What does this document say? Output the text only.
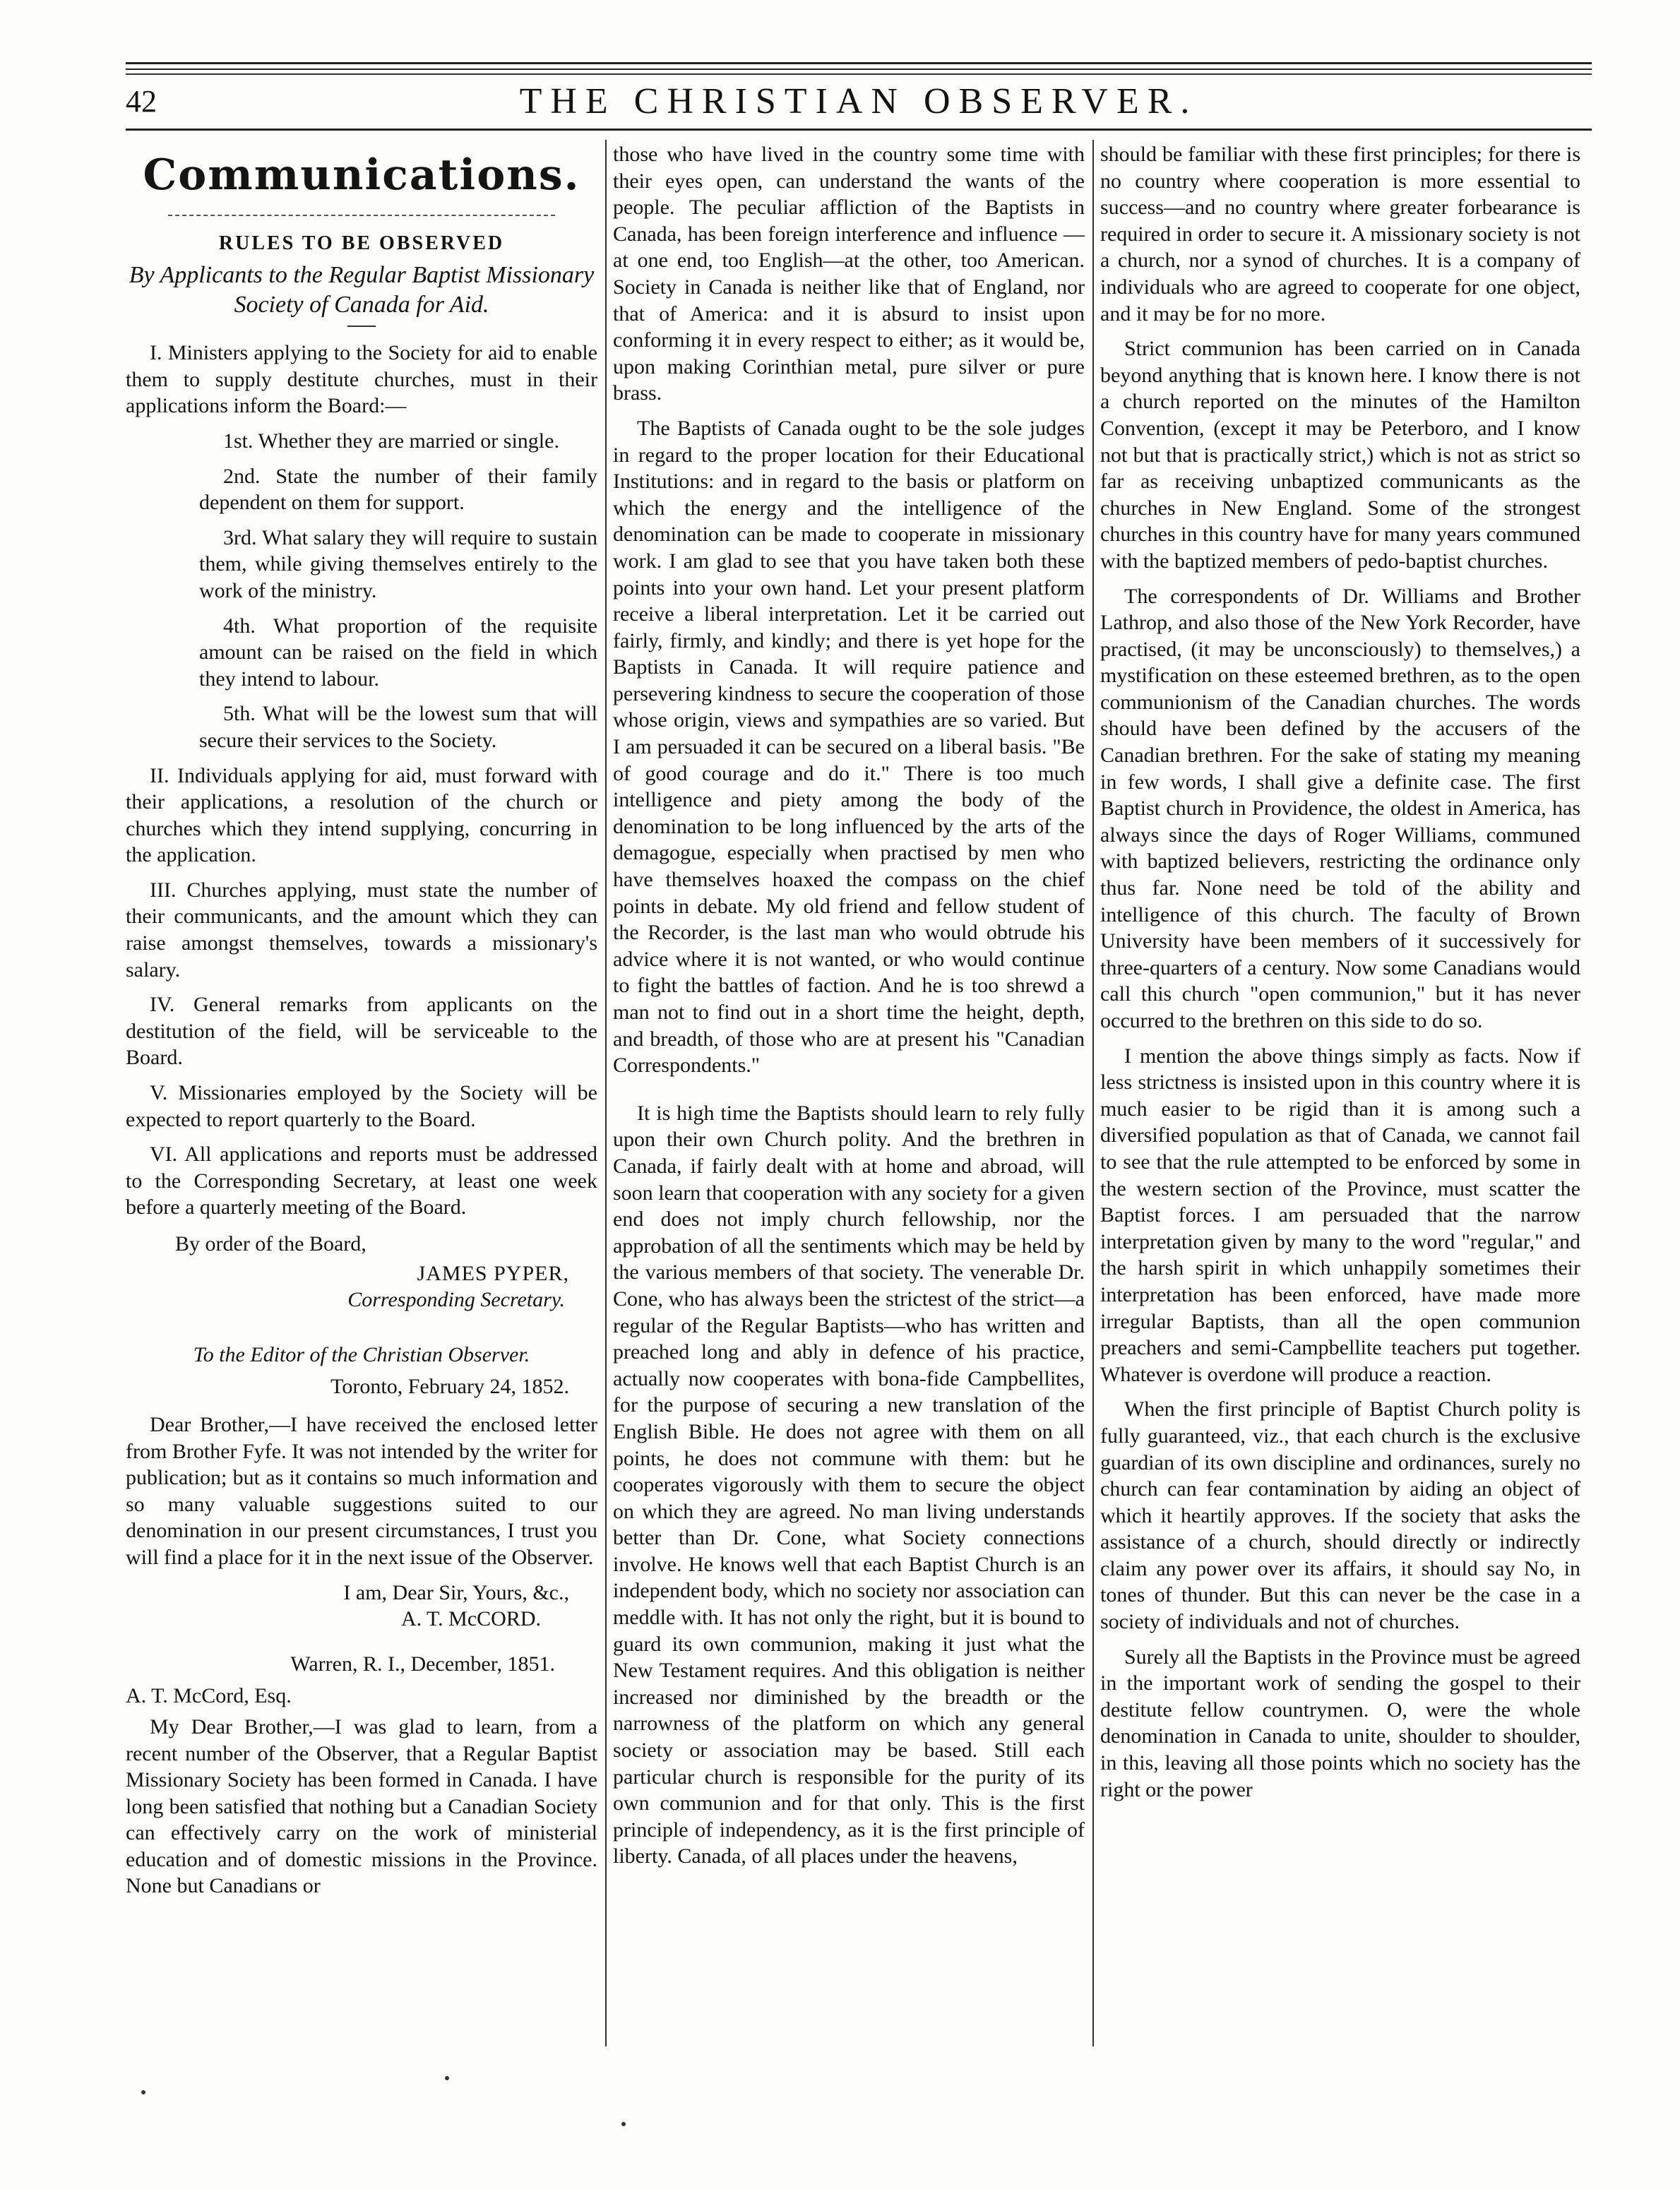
42	THE CHRISTIAN OBSERVER.
Communications.
RULES TO BE OBSERVED
By Applicants to the Regular Baptist Missionary Society of Canada for Aid.

I. Ministers applying to the Society for aid to enable them to supply destitute churches, must in their applications inform the Board:—

1st. Whether they are married or single.

2nd. State the number of their family dependent on them for support.

3rd. What salary they will require to sustain them, while giving themselves entirely to the work of the ministry.

4th. What proportion of the requisite amount can be raised on the field in which they intend to labour.

5th. What will be the lowest sum that will secure their services to the Society.

II. Individuals applying for aid, must forward with their applications, a resolution of the church or churches which they intend supplying, concurring in the application.

III. Churches applying, must state the number of their communicants, and the amount which they can raise amongst themselves, towards a missionary's salary.

IV. General remarks from applicants on the destitution of the field, will be serviceable to the Board.

V. Missionaries employed by the Society will be expected to report quarterly to the Board.

VI. All applications and reports must be addressed to the Corresponding Secretary, at least one week before a quarterly meeting of the Board.

By order of the Board,
JAMES PYPER,
Corresponding Secretary.
To the Editor of the Christian Observer.
Toronto, February 24, 1852.

Dear Brother,—I have received the enclosed letter from Brother Fyfe. It was not intended by the writer for publication; but as it contains so much information and so many valuable suggestions suited to our denomination in our present circumstances, I trust you will find a place for it in the next issue of the Observer.

I am, Dear Sir, Yours, &c.,
A. T. McCORD.
Warren, R. I., December, 1851.
A. T. McCord, Esq.

My Dear Brother,—I was glad to learn, from a recent number of the Observer, that a Regular Baptist Missionary Society has been formed in Canada. I have long been satisfied that nothing but a Canadian Society can effectively carry on the work of ministerial education and of domestic missions in the Province. None but Canadians or

those who have lived in the country some time with their eyes open, can understand the wants of the people. The peculiar affliction of the Baptists in Canada, has been foreign interference and influence —at one end, too English—at the other, too American. Society in Canada is neither like that of England, nor that of America: and it is absurd to insist upon conforming it in every respect to either; as it would be, upon making Corinthian metal, pure silver or pure brass.

The Baptists of Canada ought to be the sole judges in regard to the proper location for their Educational Institutions: and in regard to the basis or platform on which the energy and the intelligence of the denomination can be made to cooperate in missionary work. I am glad to see that you have taken both these points into your own hand. Let your present platform receive a liberal interpretation. Let it be carried out fairly, firmly, and kindly; and there is yet hope for the Baptists in Canada. It will require patience and persevering kindness to secure the cooperation of those whose origin, views and sympathies are so varied. But I am persuaded it can be secured on a liberal basis. "Be of good courage and do it." There is too much intelligence and piety among the body of the denomination to be long influenced by the arts of the demagogue, especially when practised by men who have themselves hoaxed the compass on the chief points in debate. My old friend and fellow student of the Recorder, is the last man who would obtrude his advice where it is not wanted, or who would continue to fight the battles of faction. And he is too shrewd a man not to find out in a short time the height, depth, and breadth, of those who are at present his "Canadian Correspondents."

It is high time the Baptists should learn to rely fully upon their own Church polity. And the brethren in Canada, if fairly dealt with at home and abroad, will soon learn that cooperation with any society for a given end does not imply church fellowship, nor the approbation of all the sentiments which may be held by the various members of that society. The venerable Dr. Cone, who has always been the strictest of the strict—a regular of the Regular Baptists—who has written and preached long and ably in defence of his practice, actually now cooperates with bona-fide Campbellites, for the purpose of securing a new translation of the English Bible. He does not agree with them on all points, he does not commune with them: but he cooperates vigorously with them to secure the object on which they are agreed. No man living understands better than Dr. Cone, what Society connections involve. He knows well that each Baptist Church is an independent body, which no society nor association can meddle with. It has not only the right, but it is bound to guard its own communion, making it just what the New Testament requires. And this obligation is neither increased nor diminished by the breadth or the narrowness of the platform on which any general society or association may be based. Still each particular church is responsible for the purity of its own communion and for that only. This is the first principle of independency, as it is the first principle of liberty. Canada, of all places under the heavens,

should be familiar with these first principles; for there is no country where cooperation is more essential to success—and no country where greater forbearance is required in order to secure it. A missionary society is not a church, nor a synod of churches. It is a company of individuals who are agreed to cooperate for one object, and it may be for no more.

Strict communion has been carried on in Canada beyond anything that is known here. I know there is not a church reported on the minutes of the Hamilton Convention, (except it may be Peterboro, and I know not but that is practically strict,) which is not as strict so far as receiving unbaptized communicants as the churches in New England. Some of the strongest churches in this country have for many years communed with the baptized members of pedo-baptist churches.

The correspondents of Dr. Williams and Brother Lathrop, and also those of the New York Recorder, have practised, (it may be unconsciously) to themselves,) a mystification on these esteemed brethren, as to the open communionism of the Canadian churches. The words should have been defined by the accusers of the Canadian brethren. For the sake of stating my meaning in few words, I shall give a definite case. The first Baptist church in Providence, the oldest in America, has always since the days of Roger Williams, communed with baptized believers, restricting the ordinance only thus far. None need be told of the ability and intelligence of this church. The faculty of Brown University have been members of it successively for three-quarters of a century. Now some Canadians would call this church "open communion," but it has never occurred to the brethren on this side to do so.

I mention the above things simply as facts. Now if less strictness is insisted upon in this country where it is much easier to be rigid than it is among such a diversified population as that of Canada, we cannot fail to see that the rule attempted to be enforced by some in the western section of the Province, must scatter the Baptist forces. I am persuaded that the narrow interpretation given by many to the word "regular," and the harsh spirit in which unhappily sometimes their interpretation has been enforced, have made more irregular Baptists, than all the open communion preachers and semi-Campbellite teachers put together. Whatever is overdone will produce a reaction.

When the first principle of Baptist Church polity is fully guaranteed, viz., that each church is the exclusive guardian of its own discipline and ordinances, surely no church can fear contamination by aiding an object of which it heartily approves. If the society that asks the assistance of a church, should directly or indirectly claim any power over its affairs, it should say No, in tones of thunder. But this can never be the case in a society of individuals and not of churches.

Surely all the Baptists in the Province must be agreed in the important work of sending the gospel to their destitute fellow countrymen. O, were the whole denomination in Canada to unite, shoulder to shoulder, in this, leaving all those points which no society has the right or the power
